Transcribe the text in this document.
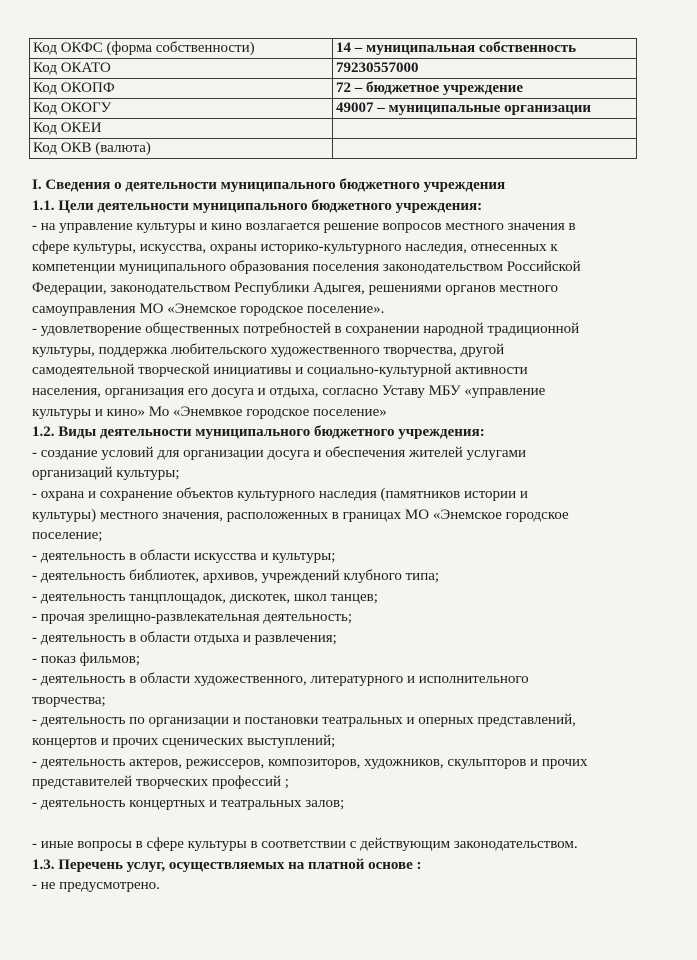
Код ОКФС (форма собственности)	14 – муниципальная собственность
Код ОКАТО	79230557000
Код ОКОПФ	72 – бюджетное учреждение
Код ОКОГУ	49007 – муниципальные организации
Код ОКЕИ	
Код ОКВ (валюта)	

I. Сведения о деятельности муниципального бюджетного учреждения

1.1. Цели деятельности муниципального бюджетного учреждения:

- на управление культуры и кино возлагается решение вопросов местного значения в

сфере культуры, искусства, охраны историко-культурного наследия, отнесенных к

компетенции муниципального образования поселения законодательством Российской

Федерации, законодательством Республики Адыгея, решениями органов местного

самоуправления МО «Энемское городское поселение».

- удовлетворение общественных потребностей в сохранении народной традиционной

культуры, поддержка любительского художественного творчества, другой

самодеятельной творческой инициативы и социально-культурной активности

населения, организация его досуга и отдыха, согласно Уставу МБУ «управление

культуры и кино» Мо «Энемвкое городское поселение»

1.2. Виды деятельности муниципального бюджетного учреждения:

- создание условий для организации досуга и обеспечения жителей услугами

организаций культуры;

- охрана и сохранение объектов культурного наследия (памятников истории и

культуры) местного значения, расположенных в границах МО «Энемское городское

поселение;

- деятельность в области искусства и культуры;

- деятельность библиотек, архивов, учреждений клубного типа;

- деятельность танцплощадок, дискотек, школ танцев;

- прочая зрелищно-развлекательная деятельность;

- деятельность в области отдыха и развлечения;

- показ фильмов;

- деятельность в области художественного, литературного и исполнительного

творчества;

- деятельность по организации и постановки театральных и оперных представлений,

концертов и прочих сценических выступлений;

- деятельность актеров, режиссеров, композиторов, художников, скульпторов и прочих

представителей творческих профессий ;

- деятельность концертных и театральных залов;

- иные вопросы в сфере культуры в соответствии с действующим законодательством.

1.3. Перечень услуг, осуществляемых на платной основе :

- не предусмотрено.
